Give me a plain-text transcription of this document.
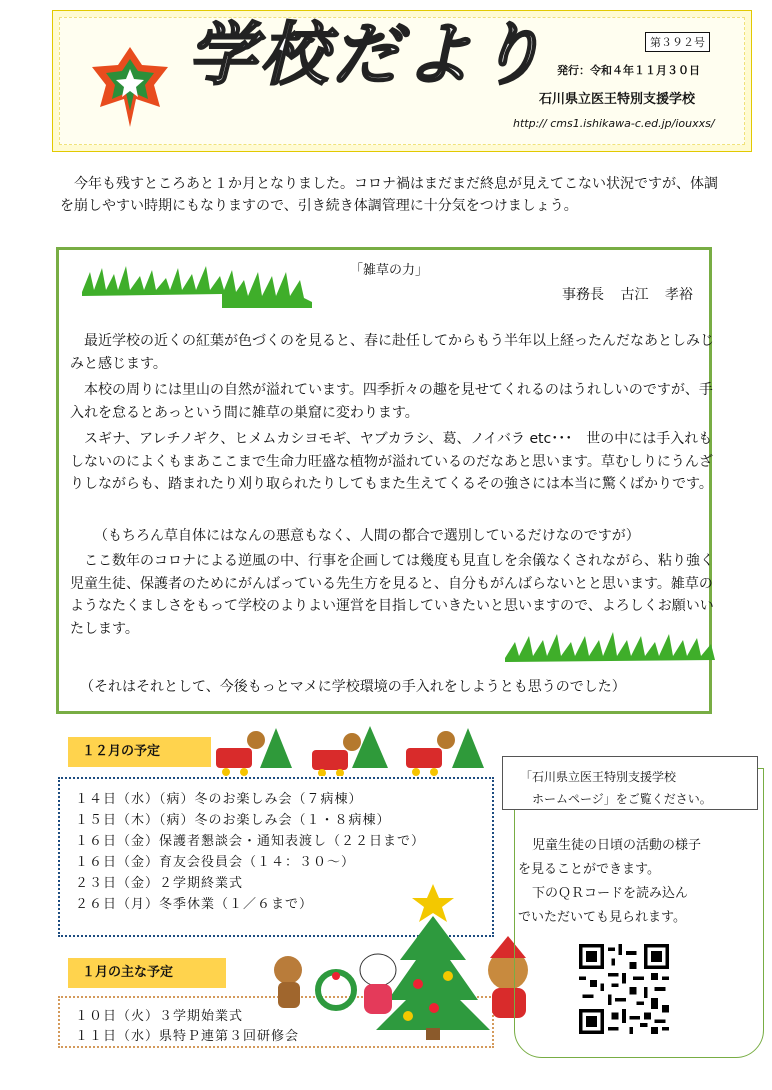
学校だより	第３９２号
発行：令和４年１１月３０日
石川県立医王特別支援学校
http:// cms1.ishikawa-c.ed.jp/iouxxs/
今年も残すところあと１か月となりました。コロナ禍はまだまだ終息が見えてこない状況ですが、体調を崩しやすい時期にもなりますので、引き続き体調管理に十分気をつけましょう。
「雑草の力」
事務長 古江 孝裕
最近学校の近くの紅葉が色づくのを見ると、春に赴任してからもう半年以上経ったんだなあとしみじみと感じます。
本校の周りには里山の自然が溢れています。四季折々の趣を見せてくれるのはうれしいのですが、手入れを怠るとあっという間に雑草の巣窟に変わります。
スギナ、アレチノギク、ヒメムカシヨモギ、ヤブカラシ、葛、ノイバラ etc･･･　世の中には手入れもしないのによくもまあここまで生命力旺盛な植物が溢れているのだなあと思います。草むしりにうんざりしながらも、踏まれたり刈り取られたりしてもまた生えてくるその強さには本当に驚くばかりです。
（もちろん草自体にはなんの悪意もなく、人間の都合で選別しているだけなのですが）
ここ数年のコロナによる逆風の中、行事を企画しては幾度も見直しを余儀なくされながら、粘り強く児童生徒、保護者のためにがんばっている先生方を見ると、自分もがんばらないとと思います。雑草のようなたくましさをもって学校のよりよい運営を目指していきたいと思いますので、よろしくお願いいたします。
（それはそれとして、今後もっとマメに学校環境の手入れをしようとも思うのでした）
１２月の予定
１４日（水）（病）冬のお楽しみ会（７病棟）
１５日（木）（病）冬のお楽しみ会（１・８病棟）
１６日（金）保護者懇談会・通知表渡し（２２日まで）
１６日（金）育友会役員会（１４：３０～）
２３日（金）２学期終業式
２６日（月）冬季休業（１／６まで）
１月の主な予定
１０日（火）３学期始業式
１１日（水）県特Ｐ連第３回研修会
「石川県立医王特別支援学校
ホームページ」をご覧ください。
児童生徒の日頃の活動の様子
を見ることができます。
下のＱＲコードを読み込ん
でいただいても見られます。
